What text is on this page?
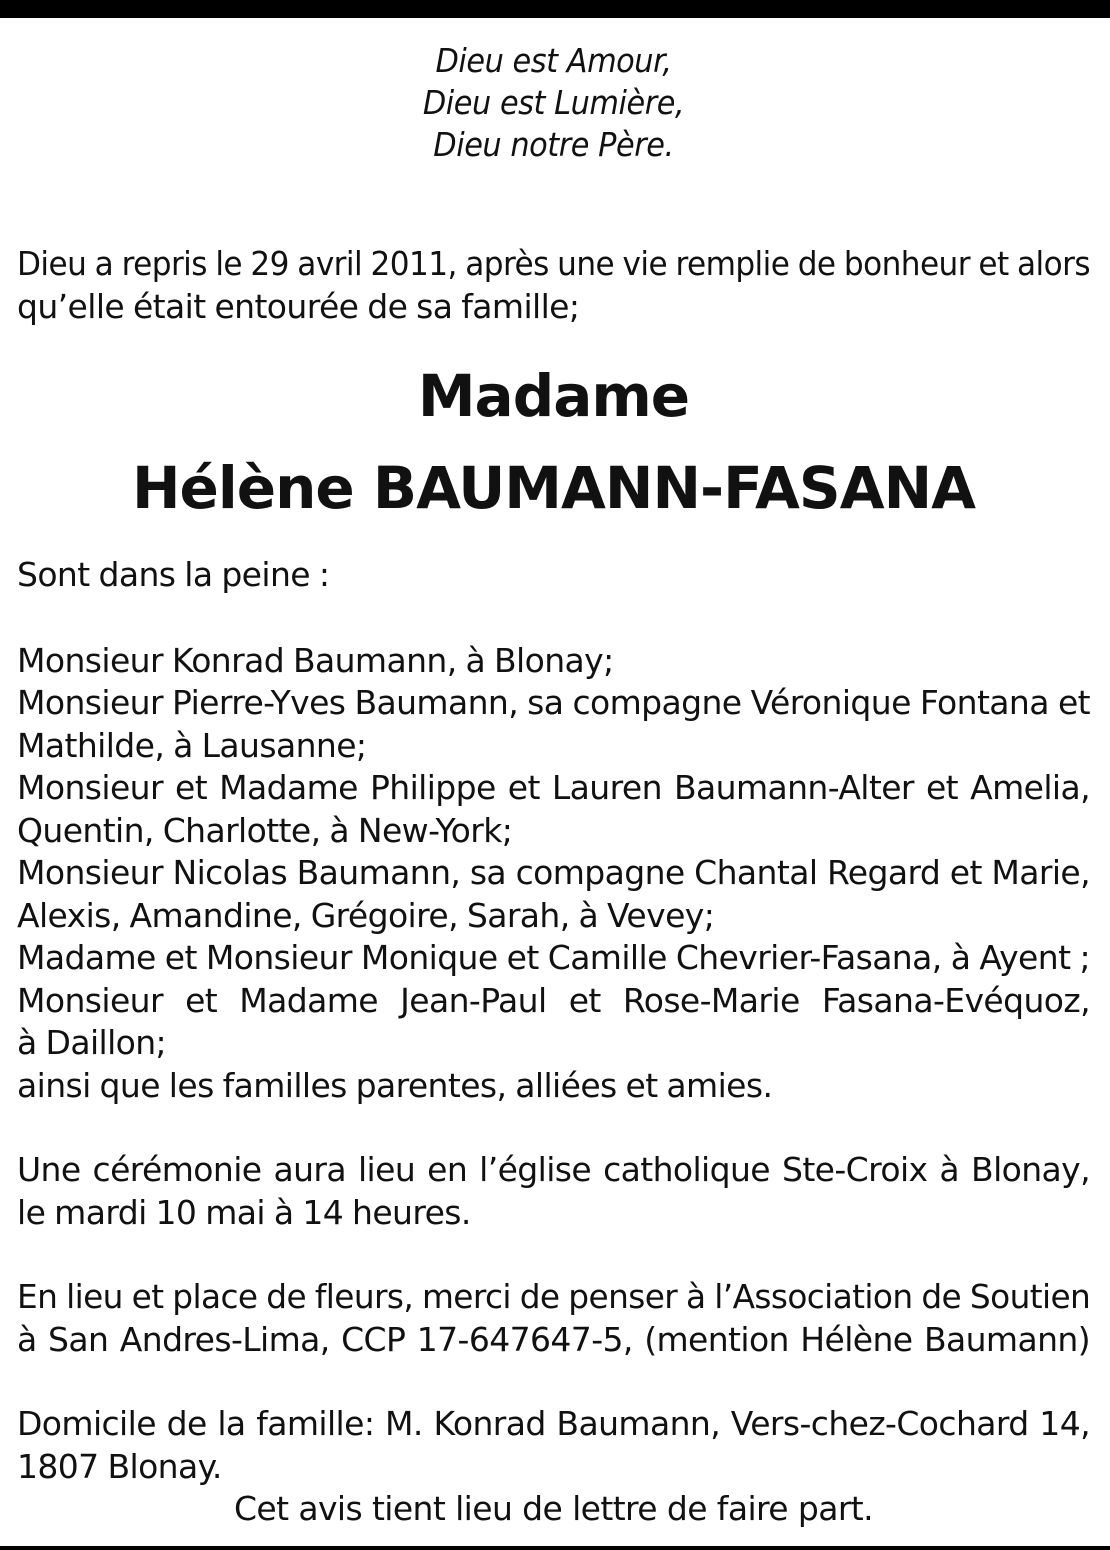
Dieu est Amour,
Dieu est Lumière,
Dieu notre Père.
Dieu a repris le 29 avril 2011, après une vie remplie de bonheur et alors
qu’elle était entourée de sa famille;
Madame
Hélène BAUMANN-FASANA
Sont dans la peine :
Monsieur Konrad Baumann, à Blonay;
Monsieur Pierre-Yves Baumann, sa compagne Véronique Fontana et
Mathilde, à Lausanne;
Monsieur et Madame Philippe et Lauren Baumann-Alter et Amelia,
Quentin, Charlotte, à New-York;
Monsieur Nicolas Baumann, sa compagne Chantal Regard et Marie,
Alexis, Amandine, Grégoire, Sarah, à Vevey;
Madame et Monsieur Monique et Camille Chevrier-Fasana, à Ayent ;
Monsieur et Madame Jean-Paul et Rose-Marie Fasana-Evéquoz,
à Daillon;
ainsi que les familles parentes, alliées et amies.
Une cérémonie aura lieu en l’église catholique Ste-Croix à Blonay,
le mardi 10 mai à 14 heures.
En lieu et place de fleurs, merci de penser à l’Association de Soutien
à San Andres-Lima, CCP 17-647647-5, (mention Hélène Baumann)
Domicile de la famille: M. Konrad Baumann, Vers-chez-Cochard 14,
1807 Blonay.
Cet avis tient lieu de lettre de faire part.
